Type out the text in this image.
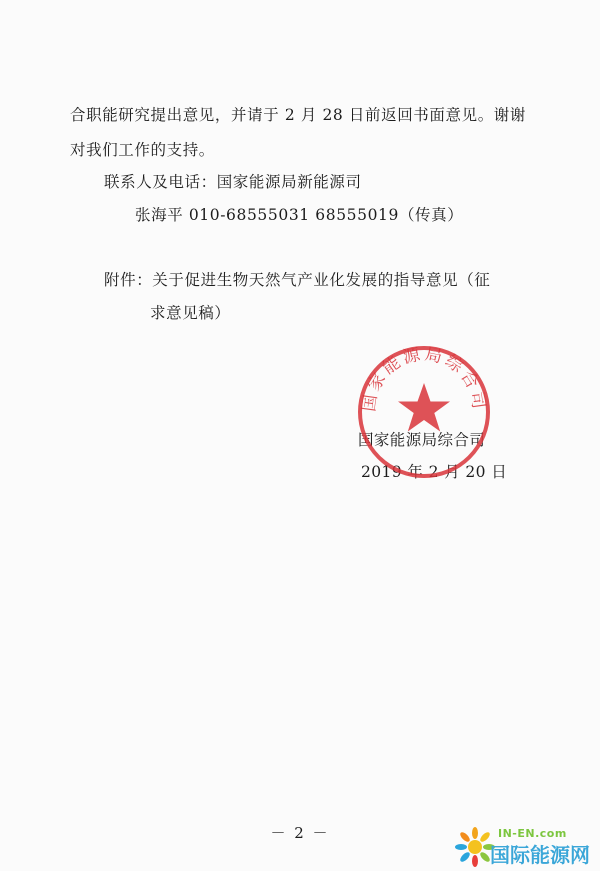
合职能研究提出意见，并请于 2 月 28 日前返回书面意见。谢谢
对我们工作的支持。
联系人及电话：国家能源局新能源司
张海平 010-68555031 68555019（传真）
附件：关于促进生物天然气产业化发展的指导意见（征
求意见稿）
国家能源局综合司
国家能源局综合司
2019 年 2 月 20 日
－ 2 －	IN-EN.com
国际能源网
